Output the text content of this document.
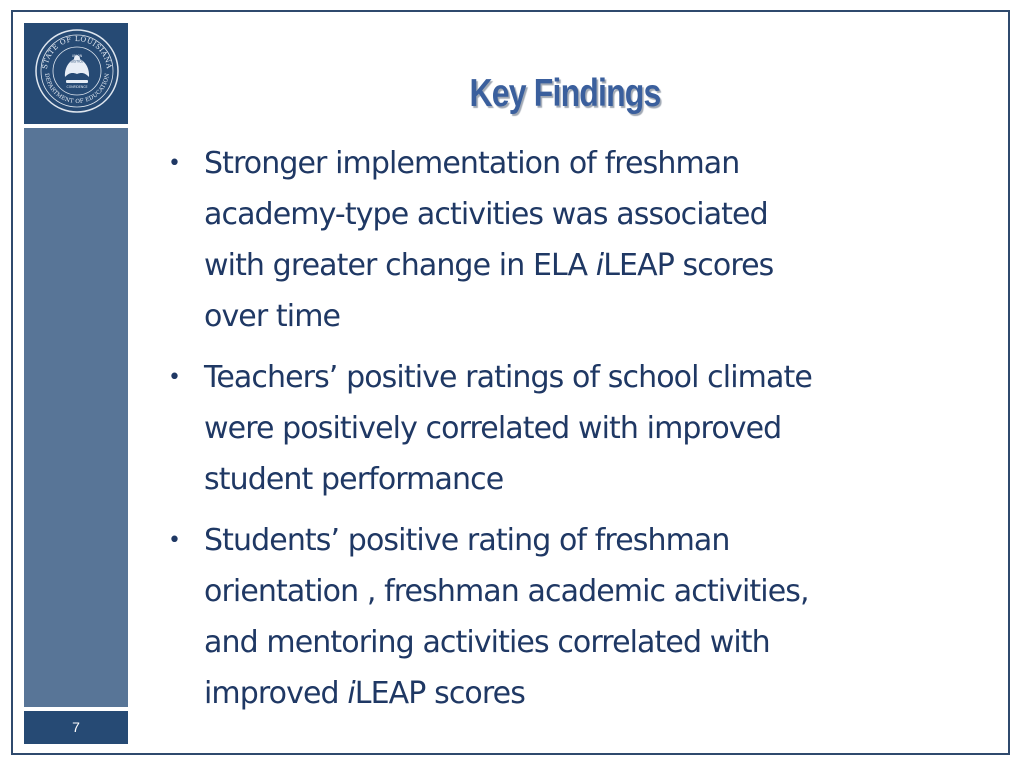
7
STATE OF LOUISIANA
DEPARTMENT OF EDUCATION
UNION
JUSTICE
CONFIDENCE	Key Findings
• Stronger implementation of freshman
academy-type activities was associated
with greater change in ELA iLEAP scores
over time
• Teachers’ positive ratings of school climate
were positively correlated with improved
student performance
• Students’ positive rating of freshman
orientation , freshman academic activities,
and mentoring activities correlated with
improved iLEAP scores
